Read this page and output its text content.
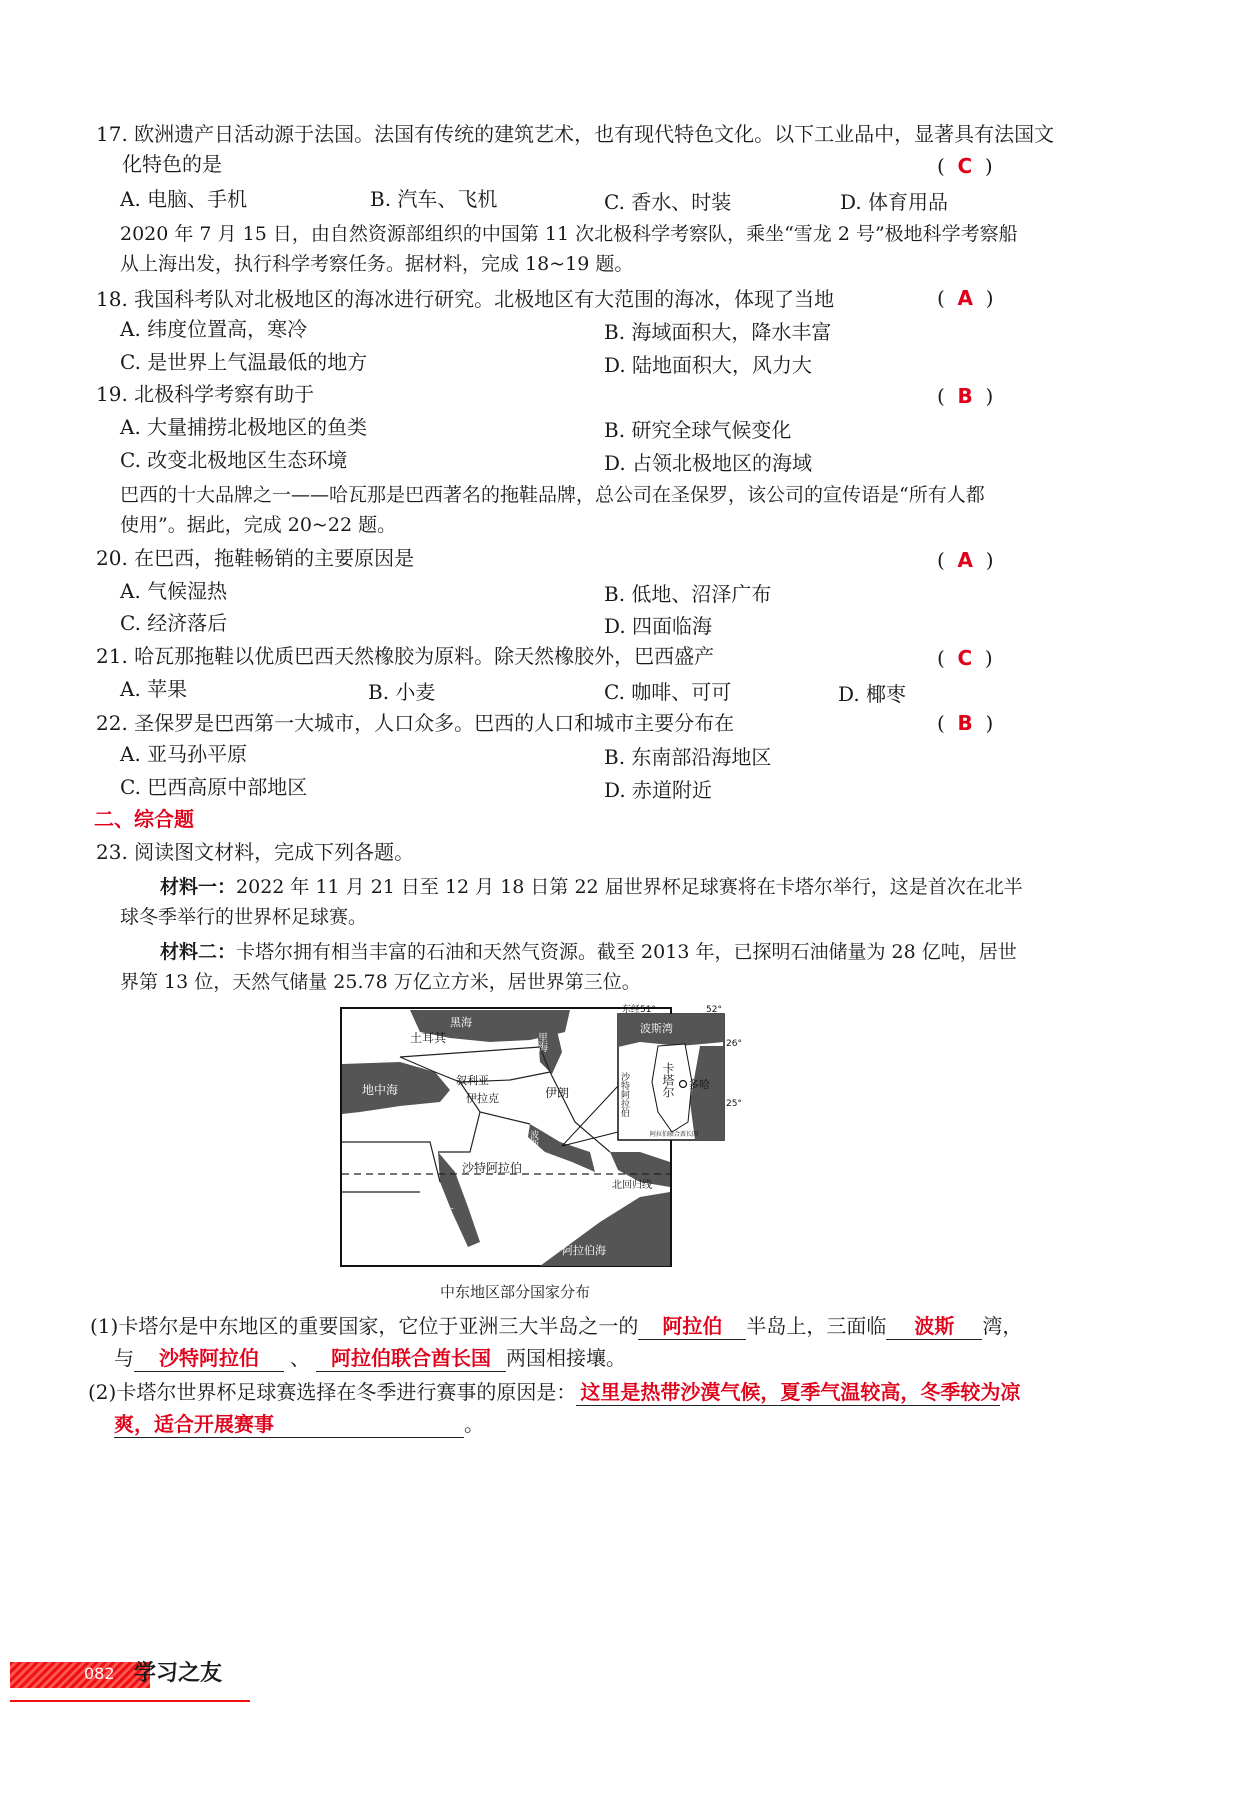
17. 欧洲遗产日活动源于法国。法国有传统的建筑艺术，也有现代特色文化。以下工业品中，显著具有法国文
化特色的是	(  C  )
A. 电脑、手机	B. 汽车、飞机	C. 香水、时装	D. 体育用品
2020 年 7 月 15 日，由自然资源部组织的中国第 11 次北极科学考察队，乘坐“雪龙 2 号”极地科学考察船
从上海出发，执行科学考察任务。据材料，完成 18~19 题。
18. 我国科考队对北极地区的海冰进行研究。北极地区有大范围的海冰，体现了当地	(  A  )
A. 纬度位置高，寒冷	B. 海域面积大，降水丰富
C. 是世界上气温最低的地方	D. 陆地面积大，风力大
19. 北极科学考察有助于	(  B  )
A. 大量捕捞北极地区的鱼类	B. 研究全球气候变化
C. 改变北极地区生态环境	D. 占领北极地区的海域
巴西的十大品牌之一——哈瓦那是巴西著名的拖鞋品牌，总公司在圣保罗，该公司的宣传语是“所有人都
使用”。据此，完成 20~22 题。
20. 在巴西，拖鞋畅销的主要原因是	(  A  )
A. 气候湿热	B. 低地、沼泽广布
C. 经济落后	D. 四面临海
21. 哈瓦那拖鞋以优质巴西天然橡胶为原料。除天然橡胶外，巴西盛产	(  C  )
A. 苹果	B. 小麦	C. 咖啡、可可	D. 椰枣
22. 圣保罗是巴西第一大城市，人口众多。巴西的人口和城市主要分布在	(  B  )
A. 亚马孙平原	B. 东南部沿海地区
C. 巴西高原中部地区	D. 赤道附近
二、综合题
23. 阅读图文材料，完成下列各题。
材料一：2022 年 11 月 21 日至 12 月 18 日第 22 届世界杯足球赛将在卡塔尔举行，这是首次在北半
球冬季举行的世界杯足球赛。
材料二：卡塔尔拥有相当丰富的石油和天然气资源。截至 2013 年，已探明石油储量为 28 亿吨，居世
界第 13 位，天然气储量 25.78 万亿立方米，居世界第三位。
土耳其
地中海
叙利亚
伊拉克	伊朗
沙特阿拉伯
红海
阿拉伯海
北回归线
黑海
里海
波斯湾
东经51°	52°
26°
25°
波斯湾
卡塔尔 多哈
沙特阿拉伯
阿拉伯联合酋长国
中东地区部分国家分布
(1)卡塔尔是中东地区的重要国家，它位于亚洲三大半岛之一的 阿拉伯 半岛上，三面临 波斯 湾，
与 沙特阿拉伯 、 阿拉伯联合酋长国 两国相接壤。
(2)卡塔尔世界杯足球赛选择在冬季进行赛事的原因是： 这里是热带沙漠气候，夏季气温较高，冬季较为凉
爽，适合开展赛事	。
082 学习之友
